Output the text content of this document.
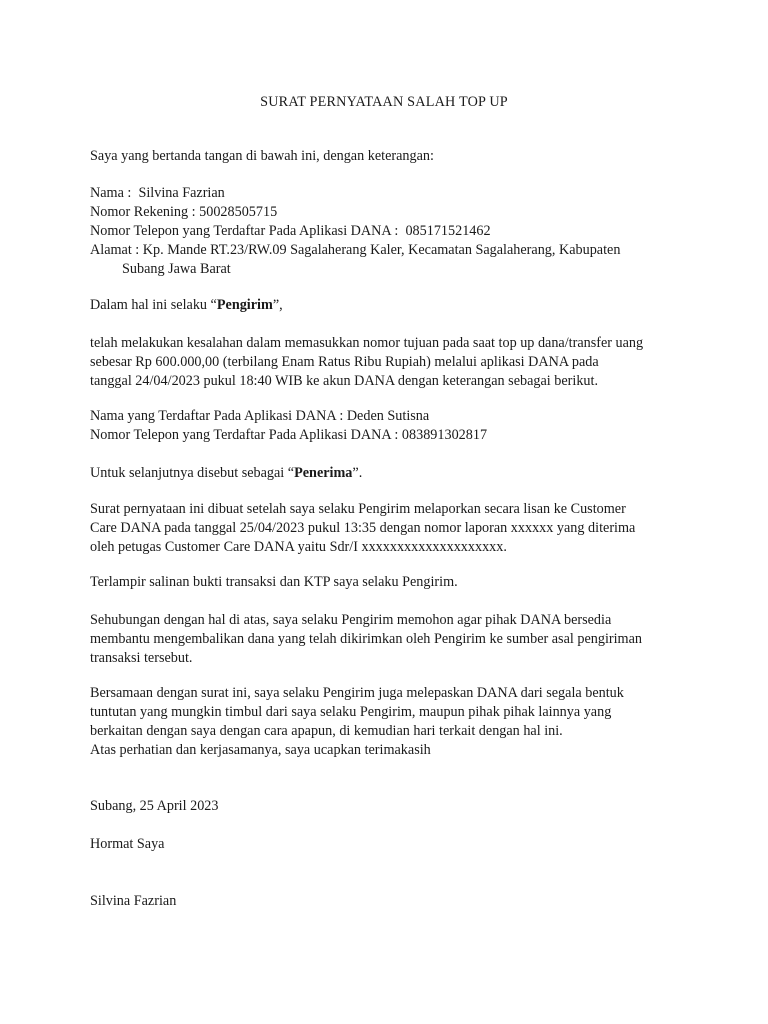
SURAT PERNYATAAN SALAH TOP UP
Saya yang bertanda tangan di bawah ini, dengan keterangan:
Nama :  Silvina Fazrian
Nomor Rekening : 50028505715
Nomor Telepon yang Terdaftar Pada Aplikasi DANA :  085171521462
Alamat : Kp. Mande RT.23/RW.09 Sagalaherang Kaler, Kecamatan Sagalaherang, Kabupaten
Subang Jawa Barat
Dalam hal ini selaku “Pengirim”,
telah melakukan kesalahan dalam memasukkan nomor tujuan pada saat top up dana/transfer uang
sebesar Rp 600.000,00 (terbilang Enam Ratus Ribu Rupiah) melalui aplikasi DANA pada
tanggal 24/04/2023 pukul 18:40 WIB ke akun DANA dengan keterangan sebagai berikut.
Nama yang Terdaftar Pada Aplikasi DANA : Deden Sutisna
Nomor Telepon yang Terdaftar Pada Aplikasi DANA : 083891302817
Untuk selanjutnya disebut sebagai “Penerima”.
Surat pernyataan ini dibuat setelah saya selaku Pengirim melaporkan secara lisan ke Customer
Care DANA pada tanggal 25/04/2023 pukul 13:35 dengan nomor laporan xxxxxx yang diterima
oleh petugas Customer Care DANA yaitu Sdr/I xxxxxxxxxxxxxxxxxxxx.
Terlampir salinan bukti transaksi dan KTP saya selaku Pengirim.
Sehubungan dengan hal di atas, saya selaku Pengirim memohon agar pihak DANA bersedia
membantu mengembalikan dana yang telah dikirimkan oleh Pengirim ke sumber asal pengiriman
transaksi tersebut.
Bersamaan dengan surat ini, saya selaku Pengirim juga melepaskan DANA dari segala bentuk
tuntutan yang mungkin timbul dari saya selaku Pengirim, maupun pihak pihak lainnya yang
berkaitan dengan saya dengan cara apapun, di kemudian hari terkait dengan hal ini.
Atas perhatian dan kerjasamanya, saya ucapkan terimakasih
Subang, 25 April 2023
Hormat Saya
Silvina Fazrian
